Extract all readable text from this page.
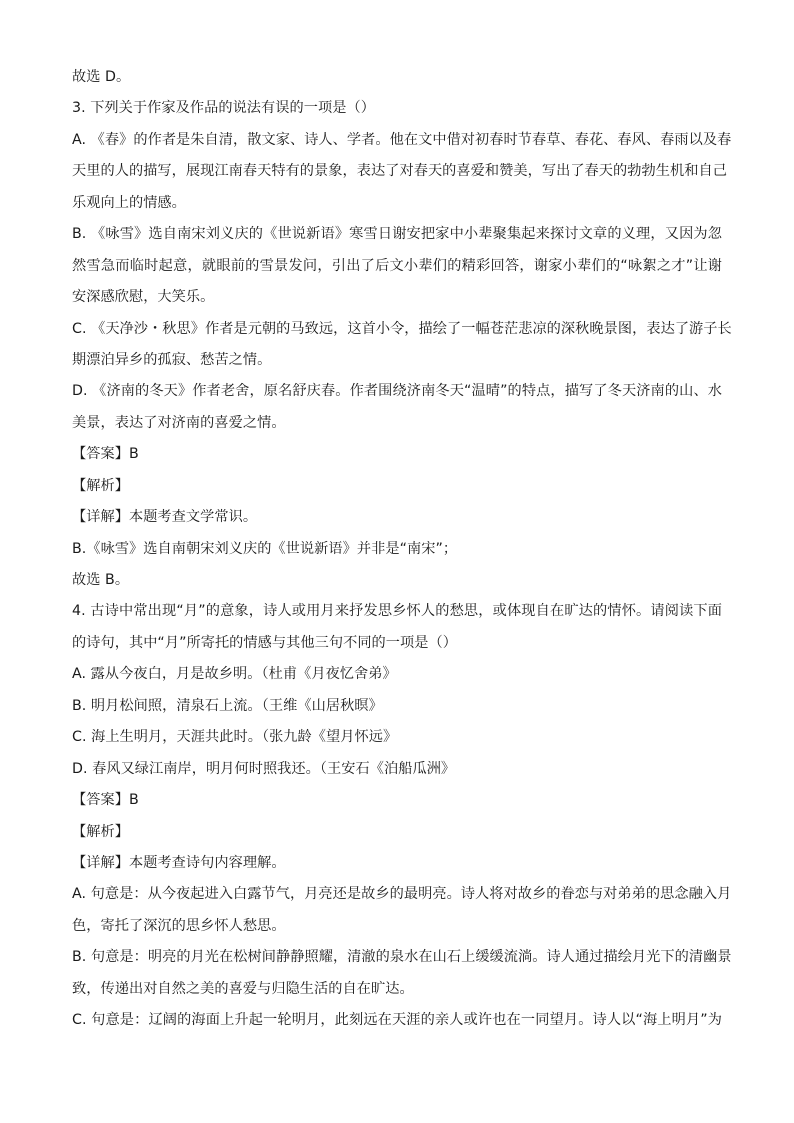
故选 D。
3. 下列关于作家及作品的说法有误的一项是（）
A. 《春》的作者是朱自清，散文家、诗人、学者。他在文中借对初春时节春草、春花、春风、春雨以及春
天里的人的描写，展现江南春天特有的景象，表达了对春天的喜爱和赞美，写出了春天的勃勃生机和自己
乐观向上的情感。
B. 《咏雪》选自南宋刘义庆的《世说新语》寒雪日谢安把家中小辈聚集起来探讨文章的义理，又因为忽
然雪急而临时起意，就眼前的雪景发问，引出了后文小辈们的精彩回答，谢家小辈们的“咏絮之才”让谢
安深感欣慰，大笑乐。
C. 《天净沙・秋思》作者是元朝的马致远，这首小令，描绘了一幅苍茫悲凉的深秋晚景图，表达了游子长
期漂泊异乡的孤寂、愁苦之情。
D. 《济南的冬天》作者老舍，原名舒庆春。作者围绕济南冬天“温晴”的特点，描写了冬天济南的山、水
美景，表达了对济南的喜爱之情。
【答案】B
【解析】
【详解】本题考查文学常识。
B.《咏雪》选自南朝宋刘义庆的《世说新语》并非是“南宋”；
故选 B。
4. 古诗中常出现“月”的意象，诗人或用月来抒发思乡怀人的愁思，或体现自在旷达的情怀。请阅读下面
的诗句，其中“月”所寄托的情感与其他三句不同的一项是（）
A. 露从今夜白，月是故乡明。（杜甫《月夜忆舍弟》
B. 明月松间照，清泉石上流。（王维《山居秋暝》
C. 海上生明月，天涯共此时。（张九龄《望月怀远》
D. 春风又绿江南岸，明月何时照我还。（王安石《泊船瓜洲》
【答案】B
【解析】
【详解】本题考查诗句内容理解。
A. 句意是：从今夜起进入白露节气，月亮还是故乡的最明亮。诗人将对故乡的眷恋与对弟弟的思念融入月
色，寄托了深沉的思乡怀人愁思。
B. 句意是：明亮的月光在松树间静静照耀，清澈的泉水在山石上缓缓流淌。诗人通过描绘月光下的清幽景
致，传递出对自然之美的喜爱与归隐生活的自在旷达。
C. 句意是：辽阔的海面上升起一轮明月，此刻远在天涯的亲人或许也在一同望月。诗人以“海上明月”为
